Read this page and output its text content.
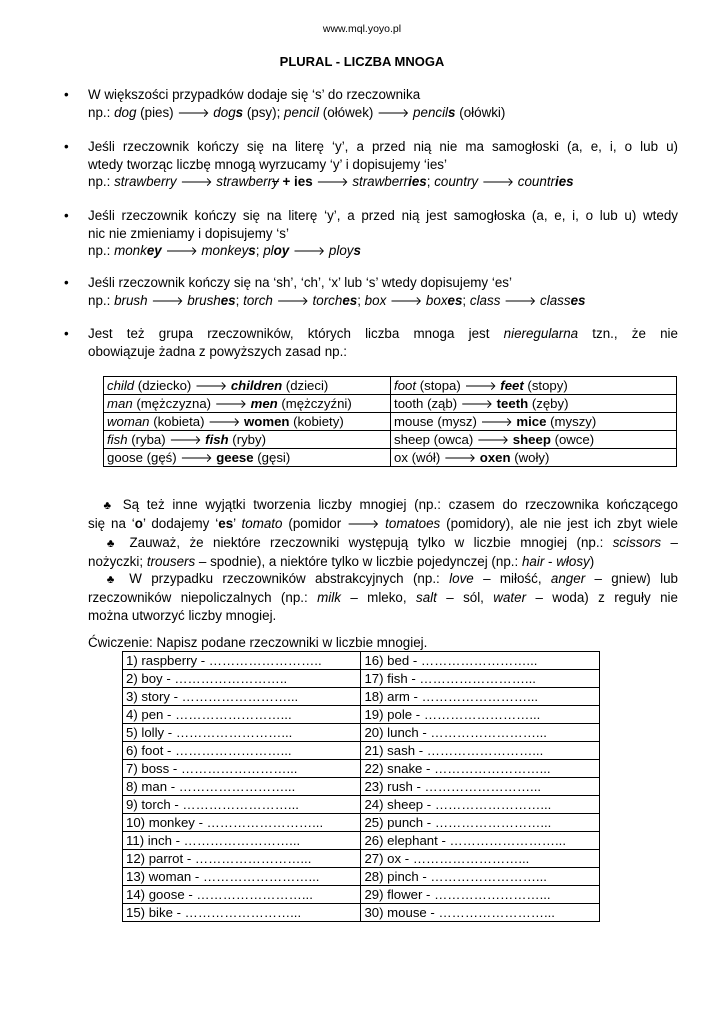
www.mql.yoyo.pl
PLURAL - LICZBA MNOGA
• W większości przypadków dodaje się ‘s’ do rzeczownika
np.: dog (pies) 🡒 dogs (psy); pencil (ołówek) 🡒 pencils (ołówki)
• Jeśli rzeczownik kończy się na literę ‘y’, a przed nią nie ma samogłoski (a, e, i, o lub u)
wtedy tworząc liczbę mnogą wyrzucamy ‘y’ i dopisujemy ‘ies’
np.: strawberry 🡒 strawberry + ies 🡒 strawberries; country 🡒 countries
• Jeśli rzeczownik kończy się na literę ‘y’, a przed nią jest samogłoska (a, e, i, o lub u) wtedy
nic nie zmieniamy i dopisujemy ‘s’
np.: monkey 🡒 monkeys; ploy 🡒 ploys
• Jeśli rzeczownik kończy się na ‘sh’, ‘ch’, ‘x’ lub ‘s’ wtedy dopisujemy ‘es’
np.: brush 🡒 brushes; torch 🡒 torches; box 🡒 boxes; class 🡒 classes
• Jest też grupa rzeczowników, których liczba mnoga jest nieregularna tzn., że nie
obowiązuje żadna z powyższych zasad np.:
child (dziecko) 🡒 children (dzieci)	foot (stopa) 🡒 feet (stopy)
man (mężczyzna) 🡒 men (mężczyźni)	tooth (ząb) 🡒 teeth (zęby)
woman (kobieta) 🡒 women (kobiety)	mouse (mysz) 🡒 mice (myszy)
fish (ryba) 🡒 fish (ryby)	sheep (owca) 🡒 sheep (owce)
goose (gęś) 🡒 geese (gęsi)	ox (wół) 🡒 oxen (woły)

♣ Są też inne wyjątki tworzenia liczby mnogiej (np.: czasem do rzeczownika kończącego
się na ‘o’ dodajemy ‘es’ tomato (pomidor 🡒 tomatoes (pomidory), ale nie jest ich zbyt wiele

♣ Zauważ, że niektóre rzeczowniki występują tylko w liczbie mnogiej (np.: scissors –
nożyczki; trousers – spodnie), a niektóre tylko w liczbie pojedynczej (np.: hair - włosy)

♣ W przypadku rzeczowników abstrakcyjnych (np.: love – miłość, anger – gniew) lub
rzeczowników niepoliczalnych (np.: milk – mleko, salt – sól, water – woda) z reguły nie
można utworzyć liczby mnogiej.

Ćwiczenie: Napisz podane rzeczowniki w liczbie mnogiej.
1) raspberry - ……………………..	16) bed - ……………………...
2) boy - ……………………..	17) fish - ……………………...
3) story - ……………………...	18) arm - ……………………...
4) pen - ……………………...	19) pole - ……………………...
5) lolly - ……………………...	20) lunch - ……………………...
6) foot - ……………………...	21) sash - ……………………...
7) boss - ……………………...	22) snake - ……………………...
8) man - ……………………...	23) rush - ……………………...
9) torch - ……………………...	24) sheep - ……………………...
10) monkey - ……………………...	25) punch - ……………………...
11) inch - ……………………...	26) elephant - ……………………...
12) parrot - ……………………...	27) ox - ……………………...
13) woman - ……………………...	28) pinch - ……………………...
14) goose - ……………………...	29) flower - ……………………...
15) bike - ……………………...	30) mouse - ……………………...
